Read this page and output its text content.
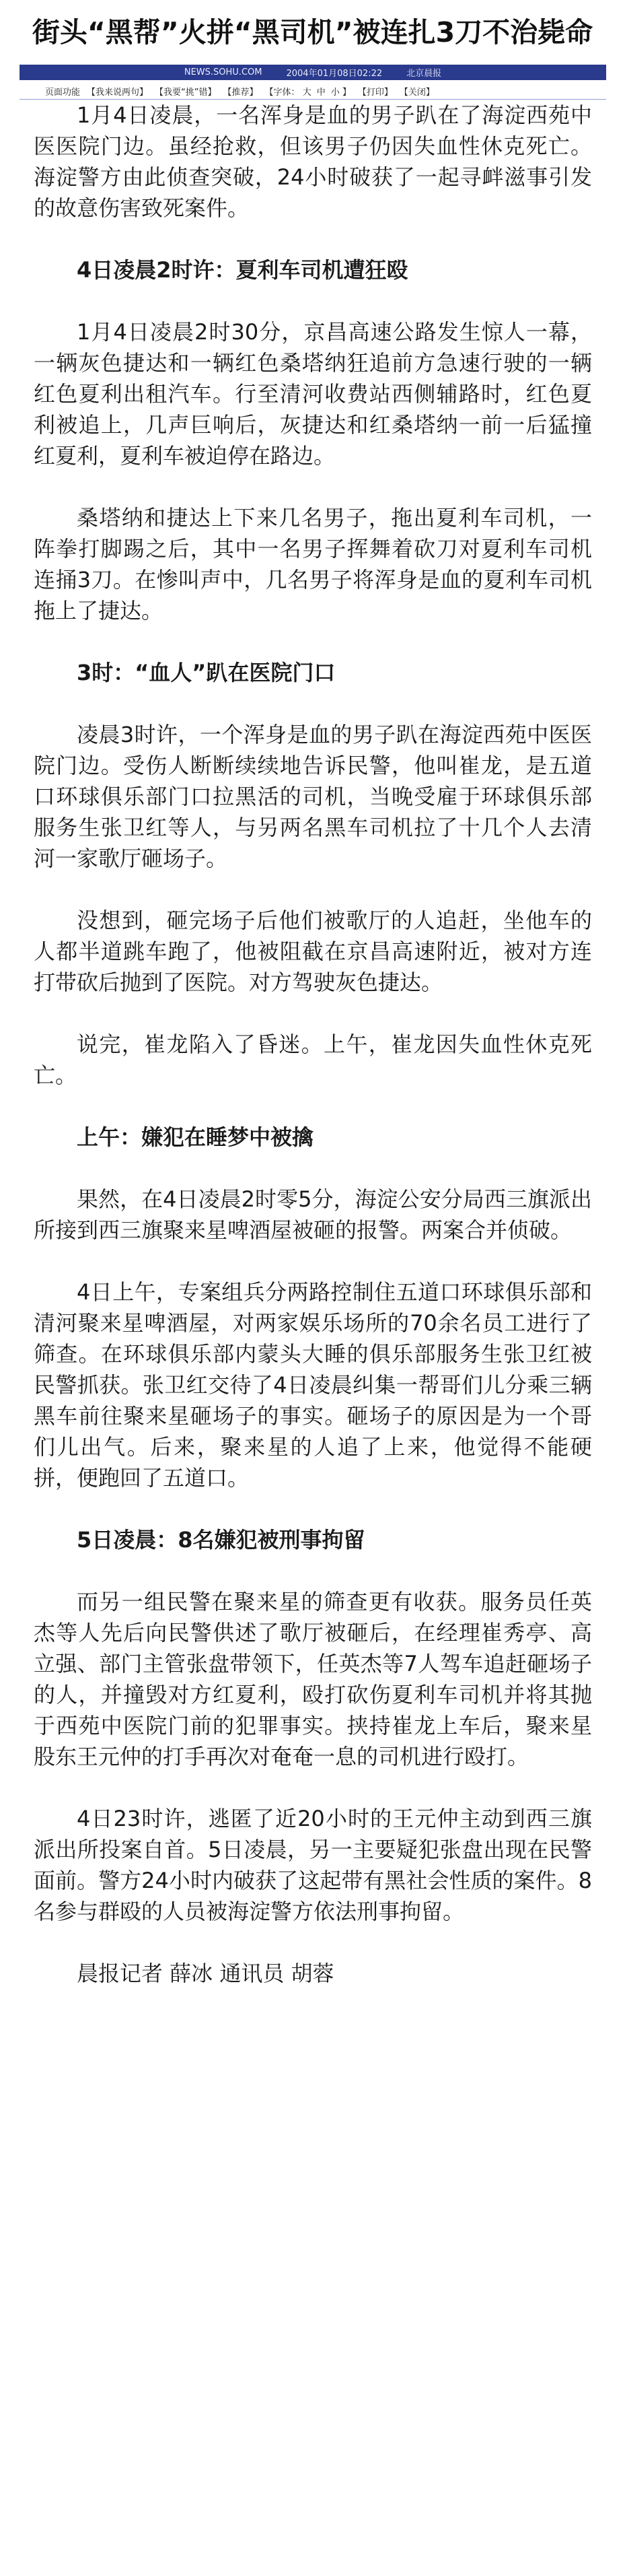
街头“黑帮”火拼“黑司机”被连扎3刀不治毙命
NEWS.SOHU.COM	2004年01月08日02:22	北京晨报
页面功能 【我来说两句】 【我要“挑”错】 【推荐】 【字体： 大 中 小 】 【打印】 【关闭】

1月4日凌晨，一名浑身是血的男子趴在了海淀西苑中医医院门边。虽经抢救，但该男子仍因失血性休克死亡。海淀警方由此侦查突破，24小时破获了一起寻衅滋事引发的故意伤害致死案件。

4日凌晨2时许：夏利车司机遭狂殴

1月4日凌晨2时30分，京昌高速公路发生惊人一幕，一辆灰色捷达和一辆红色桑塔纳狂追前方急速行驶的一辆红色夏利出租汽车。行至清河收费站西侧辅路时，红色夏利被追上，几声巨响后，灰捷达和红桑塔纳一前一后猛撞红夏利，夏利车被迫停在路边。

桑塔纳和捷达上下来几名男子，拖出夏利车司机，一阵拳打脚踢之后，其中一名男子挥舞着砍刀对夏利车司机连捅3刀。在惨叫声中，几名男子将浑身是血的夏利车司机拖上了捷达。

3时：“血人”趴在医院门口

凌晨3时许，一个浑身是血的男子趴在海淀西苑中医医院门边。受伤人断断续续地告诉民警，他叫崔龙，是五道口环球俱乐部门口拉黑活的司机，当晚受雇于环球俱乐部服务生张卫红等人，与另两名黑车司机拉了十几个人去清河一家歌厅砸场子。

没想到，砸完场子后他们被歌厅的人追赶，坐他车的人都半道跳车跑了，他被阻截在京昌高速附近，被对方连打带砍后抛到了医院。对方驾驶灰色捷达。

说完，崔龙陷入了昏迷。上午，崔龙因失血性休克死亡。

上午：嫌犯在睡梦中被擒

果然，在4日凌晨2时零5分，海淀公安分局西三旗派出所接到西三旗聚来星啤酒屋被砸的报警。两案合并侦破。

4日上午，专案组兵分两路控制住五道口环球俱乐部和清河聚来星啤酒屋，对两家娱乐场所的70余名员工进行了筛查。在环球俱乐部内蒙头大睡的俱乐部服务生张卫红被民警抓获。张卫红交待了4日凌晨纠集一帮哥们儿分乘三辆黑车前往聚来星砸场子的事实。砸场子的原因是为一个哥们儿出气。后来，聚来星的人追了上来，他觉得不能硬拼，便跑回了五道口。

5日凌晨：8名嫌犯被刑事拘留

而另一组民警在聚来星的筛查更有收获。服务员任英杰等人先后向民警供述了歌厅被砸后，在经理崔秀亭、高立强、部门主管张盘带领下，任英杰等7人驾车追赶砸场子的人，并撞毁对方红夏利，殴打砍伤夏利车司机并将其抛于西苑中医院门前的犯罪事实。挟持崔龙上车后，聚来星股东王元仲的打手再次对奄奄一息的司机进行殴打。

4日23时许，逃匿了近20小时的王元仲主动到西三旗派出所投案自首。5日凌晨，另一主要疑犯张盘出现在民警面前。警方24小时内破获了这起带有黑社会性质的案件。8名参与群殴的人员被海淀警方依法刑事拘留。

晨报记者 薛冰 通讯员 胡蓉
